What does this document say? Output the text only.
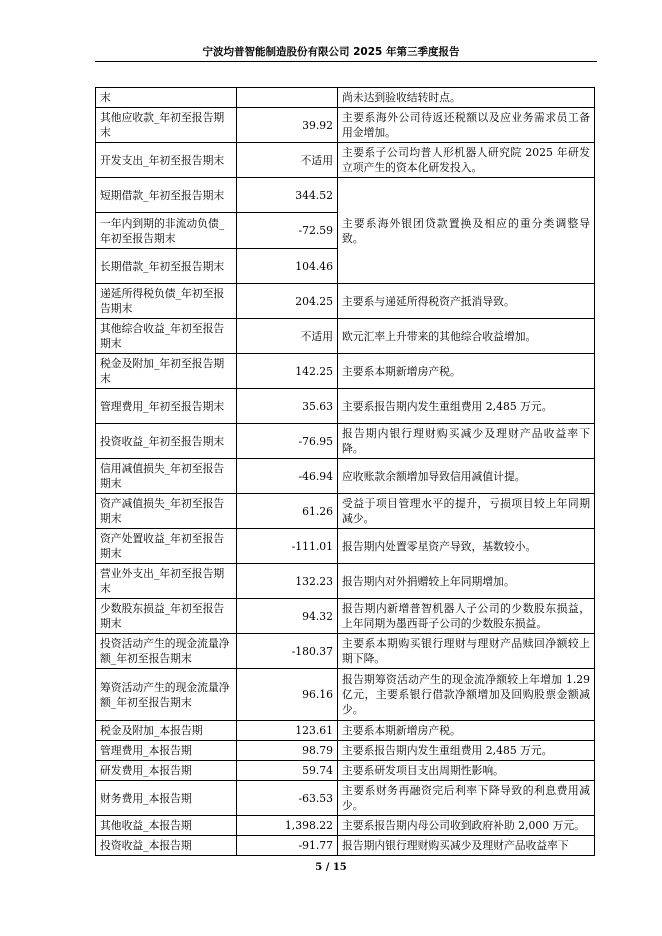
宁波均普智能制造股份有限公司 2025 年第三季度报告
末		尚未达到验收结转时点。
其他应收款_年初至报告期末	39.92	主要系海外公司待返还税额以及应业务需求员工备用金增加。
开发支出_年初至报告期末	不适用	主要系子公司均普人形机器人研究院 2025 年研发立项产生的资本化研发投入。
短期借款_年初至报告期末	344.52	主要系海外银团贷款置换及相应的重分类调整导致。
一年内到期的非流动负债_年初至报告期末	-72.59	
长期借款_年初至报告期末	104.46	
递延所得税负债_年初至报告期末	204.25	主要系与递延所得税资产抵消导致。
其他综合收益_年初至报告期末	不适用	欧元汇率上升带来的其他综合收益增加。
税金及附加_年初至报告期末	142.25	主要系本期新增房产税。
管理费用_年初至报告期末	35.63	主要系报告期内发生重组费用 2,485 万元。
投资收益_年初至报告期末	-76.95	报告期内银行理财购买减少及理财产品收益率下降。
信用减值损失_年初至报告期末	-46.94	应收账款余额增加导致信用减值计提。
资产减值损失_年初至报告期末	61.26	受益于项目管理水平的提升，亏损项目较上年同期减少。
资产处置收益_年初至报告期末	-111.01	报告期内处置零星资产导致，基数较小。
营业外支出_年初至报告期末	132.23	报告期内对外捐赠较上年同期增加。
少数股东损益_年初至报告期末	94.32	报告期内新增普智机器人子公司的少数股东损益，上年同期为墨西哥子公司的少数股东损益。
投资活动产生的现金流量净额_年初至报告期末	-180.37	主要系本期购买银行理财与理财产品赎回净额较上期下降。
筹资活动产生的现金流量净额_年初至报告期末	96.16	报告期筹资活动产生的现金流净额较上年增加 1.29 亿元，主要系银行借款净额增加及回购股票金额减少。
税金及附加_本报告期	123.61	主要系本期新增房产税。
管理费用_本报告期	98.79	主要系报告期内发生重组费用 2,485 万元。
研发费用_本报告期	59.74	主要系研发项目支出周期性影响。
财务费用_本报告期	-63.53	主要系财务再融资完后利率下降导致的利息费用减少。
其他收益_本报告期	1,398.22	主要系报告期内母公司收到政府补助 2,000 万元。
投资收益_本报告期	-91.77	报告期内银行理财购买减少及理财产品收益率下
5 / 15
